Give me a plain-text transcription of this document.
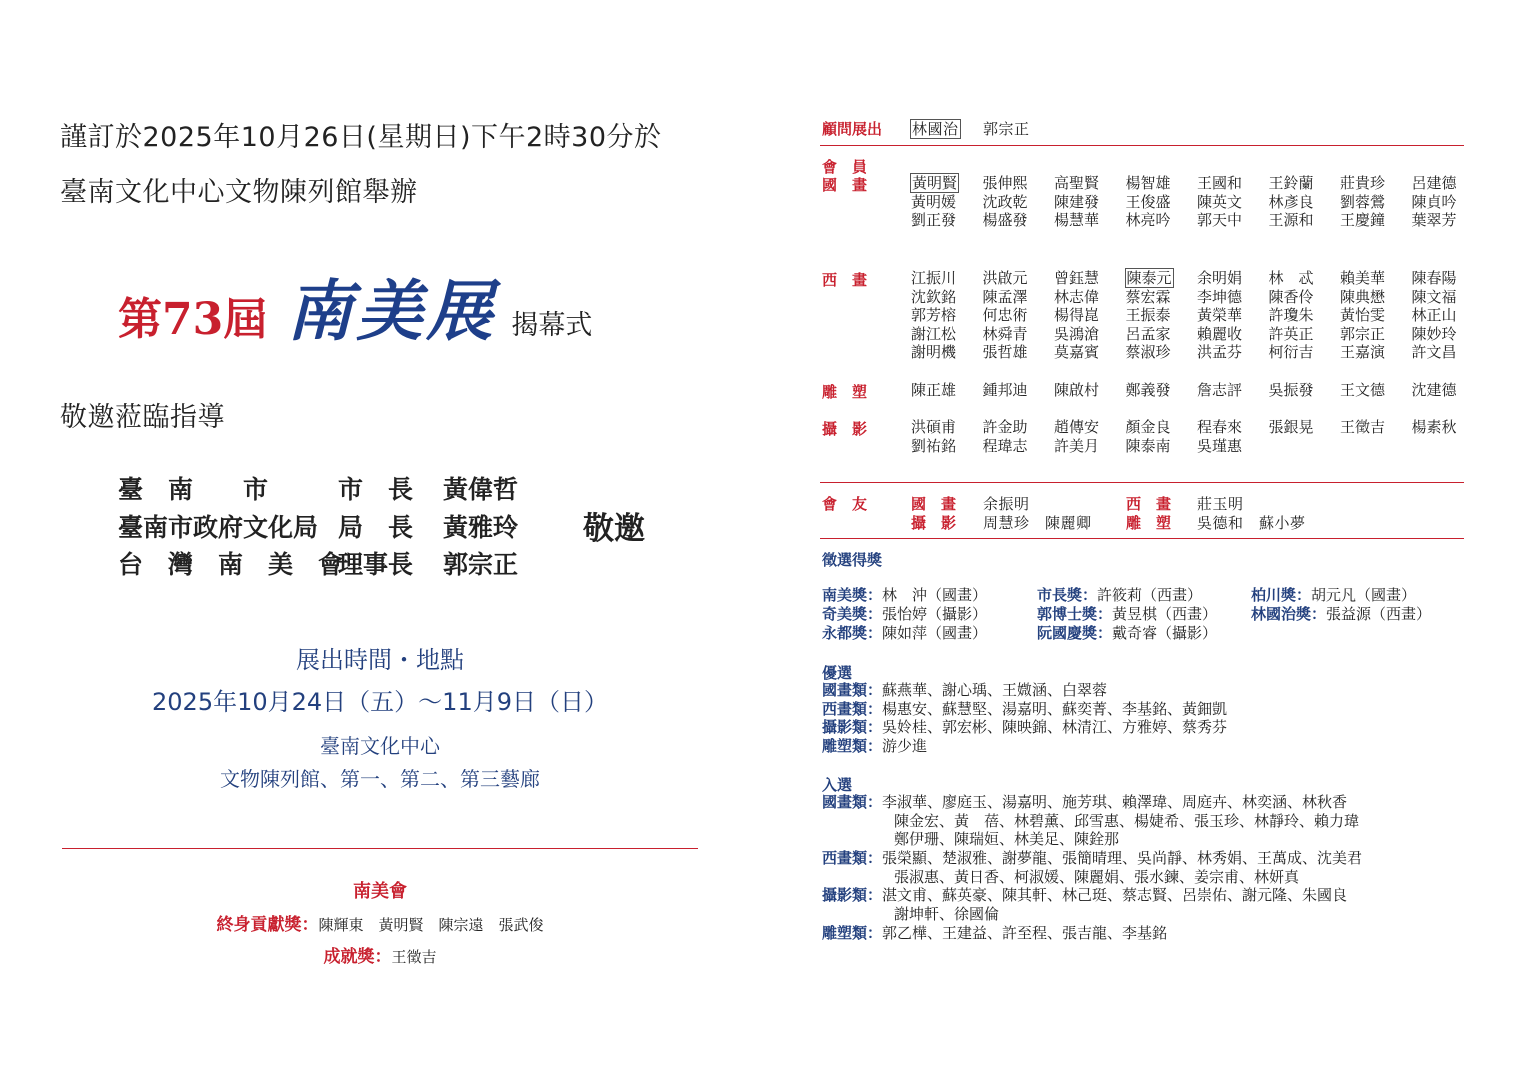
謹訂於2025年10月26日(星期日)下午2時30分於
臺南文化中心文物陳列館舉辦
第73屆 南美展 揭幕式
敬邀蒞臨指導
臺　南　　市	市　長 黃偉哲
臺南市政府文化局 局　長 黃雅玲
台　灣　南　美　會理事長 郭宗正
敬邀
展出時間・地點
2025年10月24日（五）～11月9日（日）
臺南文化中心
文物陳列館、第一、第二、第三藝廊
南美會
終身貢獻獎：陳輝東　黃明賢　陳宗遠　張武俊
成就獎：王徵吉
顧問展出 林國治 郭宗正
會　員
國　畫	黃明賢	張伸熙	高聖賢	楊智雄	王國和	王鈴蘭	莊貴珍	呂建德
黃明媛	沈政乾	陳建發	王俊盛	陳英文	林彥良	劉蓉鶯	陳貞吟
劉正發	楊盛發	楊慧華	林亮吟	郭天中	王源和	王慶鐘	葉翠芳
西　畫	江振川	洪啟元	曾鈺慧	陳泰元	余明娟	林　忒	賴美華	陳春陽
沈欽銘	陳孟澤	林志偉	蔡宏霖	李坤德	陳香伶	陳典懋	陳文福
郭芳榕	何忠術	楊得崑	王振泰	黃榮華	許瓊朱	黃怡雯	林正山
謝江松	林舜青	吳鴻滄	呂孟家	賴麗收	許英正	郭宗正	陳妙玲
謝明機	張哲雄	莫嘉賓	蔡淑珍	洪孟芬	柯衍吉	王嘉演	許文昌
雕　塑	陳正雄	鍾邦迪	陳啟村	鄭義發	詹志評	吳振發	王文德	沈建德
攝　影	洪碩甫	許金助	趙傳安	顏金良	程春來	張銀晃	王徵吉	楊素秋
劉祐銘	程瑋志	許美月	陳泰南	吳瑾惠
會　友	國　畫 余振明	西　畫 莊玉明
攝　影 周慧珍　陳麗卿 雕　塑 吳德和　蘇小夢
徵選得獎
南美獎：林　沖（國畫）	市長獎：許筱莉（西畫）	柏川獎：胡元凡（國畫）
奇美獎：張怡婷（攝影）	郭博士獎：黃昱棋（西畫） 林國治獎：張益源（西畫）
永都獎：陳如萍（國畫）	阮國慶獎：戴奇睿（攝影）
優選
國畫類：蘇燕華、謝心瑀、王媺涵、白翠蓉
西畫類：楊惠安、蘇慧堅、湯嘉明、蘇奕菁、李基銘、黃鈿凱
攝影類：吳姈桂、郭宏彬、陳映錦、林清江、方雅婷、蔡秀芬
雕塑類：游少進
入選
國畫類：李淑華、廖庭玉、湯嘉明、施芳琪、賴澤瑋、周庭卉、林奕涵、林秋香
陳金宏、黃　蓓、林碧薰、邱雪惠、楊婕希、張玉珍、林靜玲、賴力瑋
鄭伊珊、陳瑞姮、林美足、陳銓那
西畫類：張榮顯、楚淑雅、謝夢龍、張簡晴理、吳尚靜、林秀娟、王萬成、沈美君
張淑惠、黃日香、柯淑媛、陳麗娟、張水鍊、姜宗甫、林妍真
攝影類：湛文甫、蘇英豪、陳其軒、林己珽、蔡志賢、呂崇佑、謝元隆、朱國良
謝坤軒、徐國倫
雕塑類：郭乙樺、王建益、許至程、張吉龍、李基銘
